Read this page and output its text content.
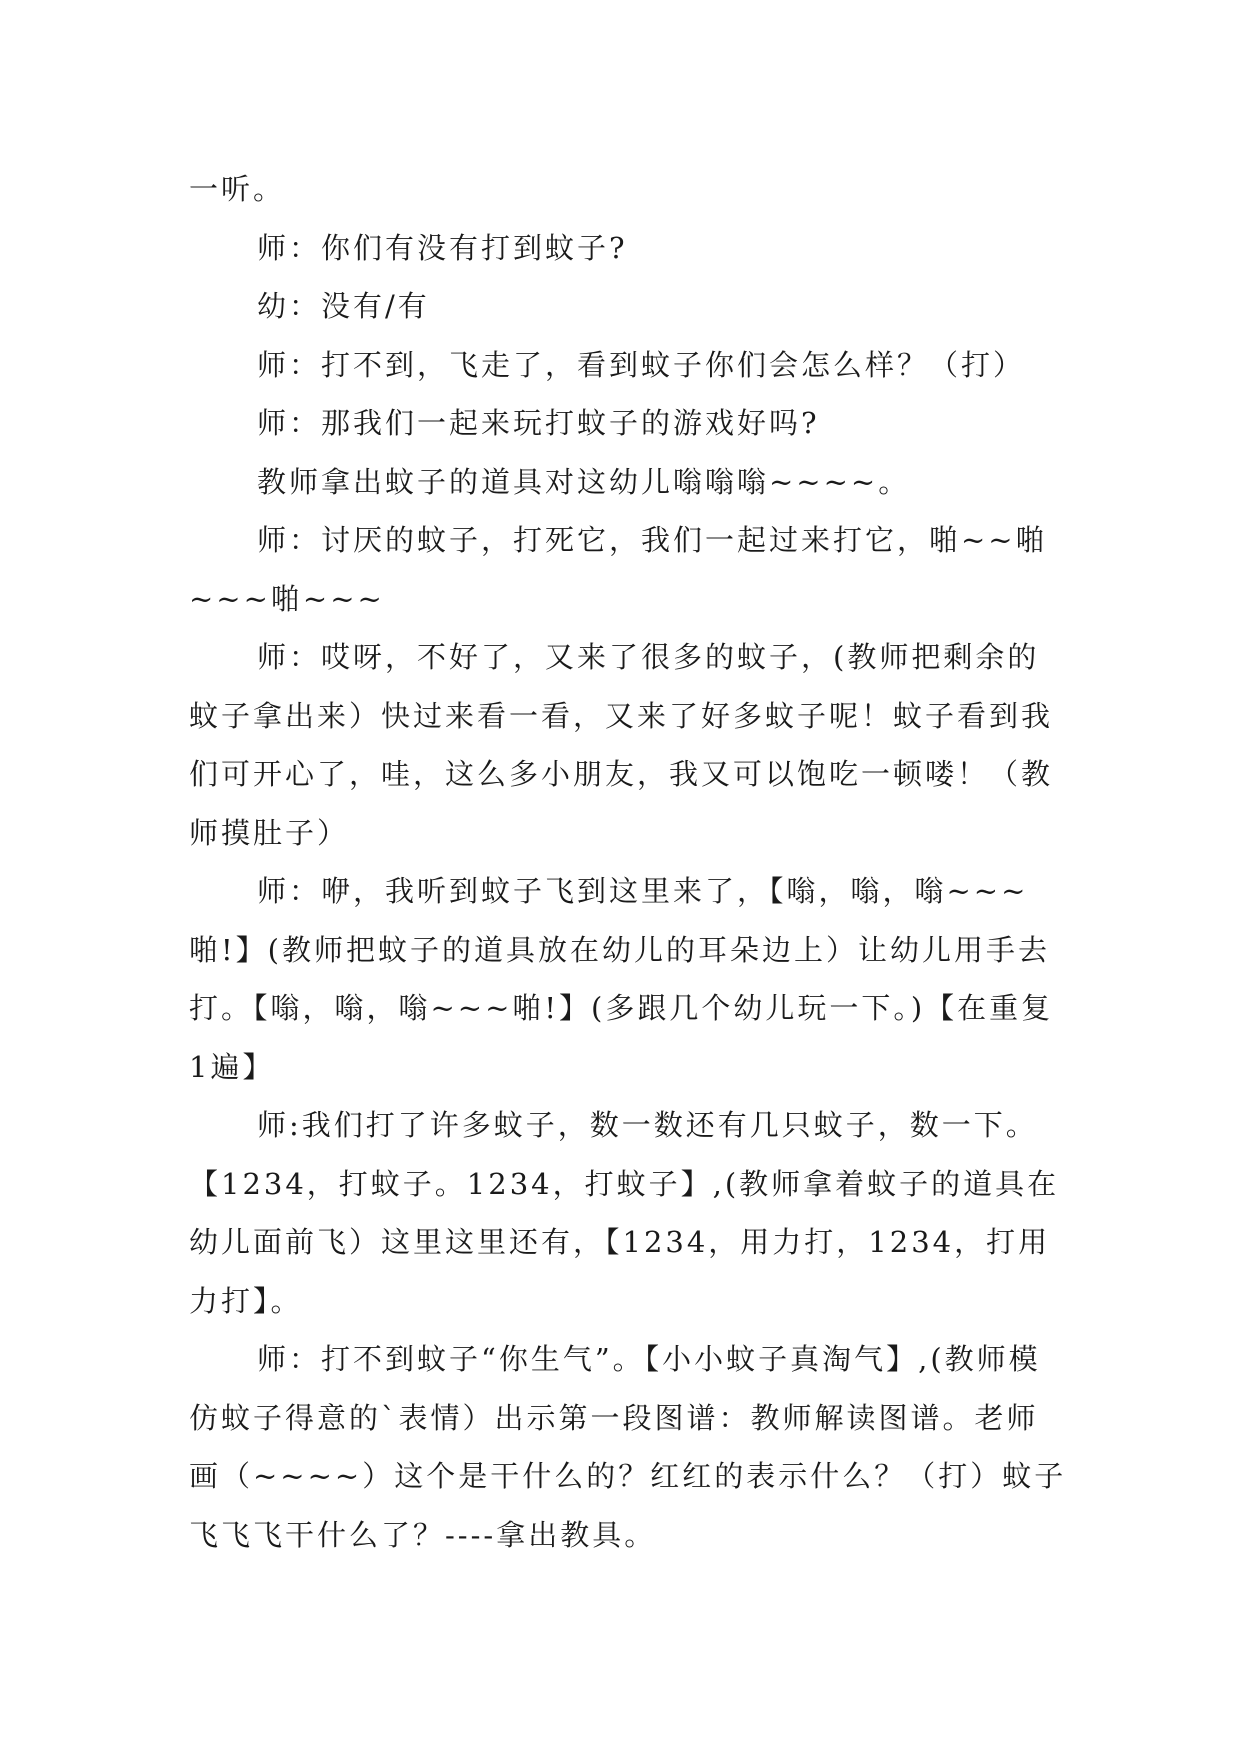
一听。

师：你们有没有打到蚊子?

幼：没有/有

师：打不到，飞走了，看到蚊子你们会怎么样？（打）

师：那我们一起来玩打蚊子的游戏好吗?

教师拿出蚊子的道具对这幼儿嗡嗡嗡~~~~。

师：讨厌的蚊子，打死它，我们一起过来打它，啪~~啪~~~啪~~~

师：哎呀，不好了，又来了很多的蚊子，(教师把剩余的蚊子拿出来）快过来看一看，又来了好多蚊子呢！蚊子看到我们可开心了，哇，这么多小朋友，我又可以饱吃一顿喽！（教师摸肚子）

师：咿，我听到蚊子飞到这里来了，【嗡，嗡，嗡~~~啪!】(教师把蚊子的道具放在幼儿的耳朵边上）让幼儿用手去打。【嗡，嗡，嗡~~~啪!】(多跟几个幼儿玩一下。)【在重复1遍】

师:我们打了许多蚊子，数一数还有几只蚊子，数一下。【1234，打蚊子。1234，打蚊子】,(教师拿着蚊子的道具在幼儿面前飞）这里这里还有，【1234，用力打，1234，打用力打】。

师：打不到蚊子“你生气”。【小小蚊子真淘气】,(教师模仿蚊子得意的`表情）出示第一段图谱：教师解读图谱。老师画（~~~~）这个是干什么的？红红的表示什么？（打）蚊子飞飞飞干什么了？----拿出教具。
